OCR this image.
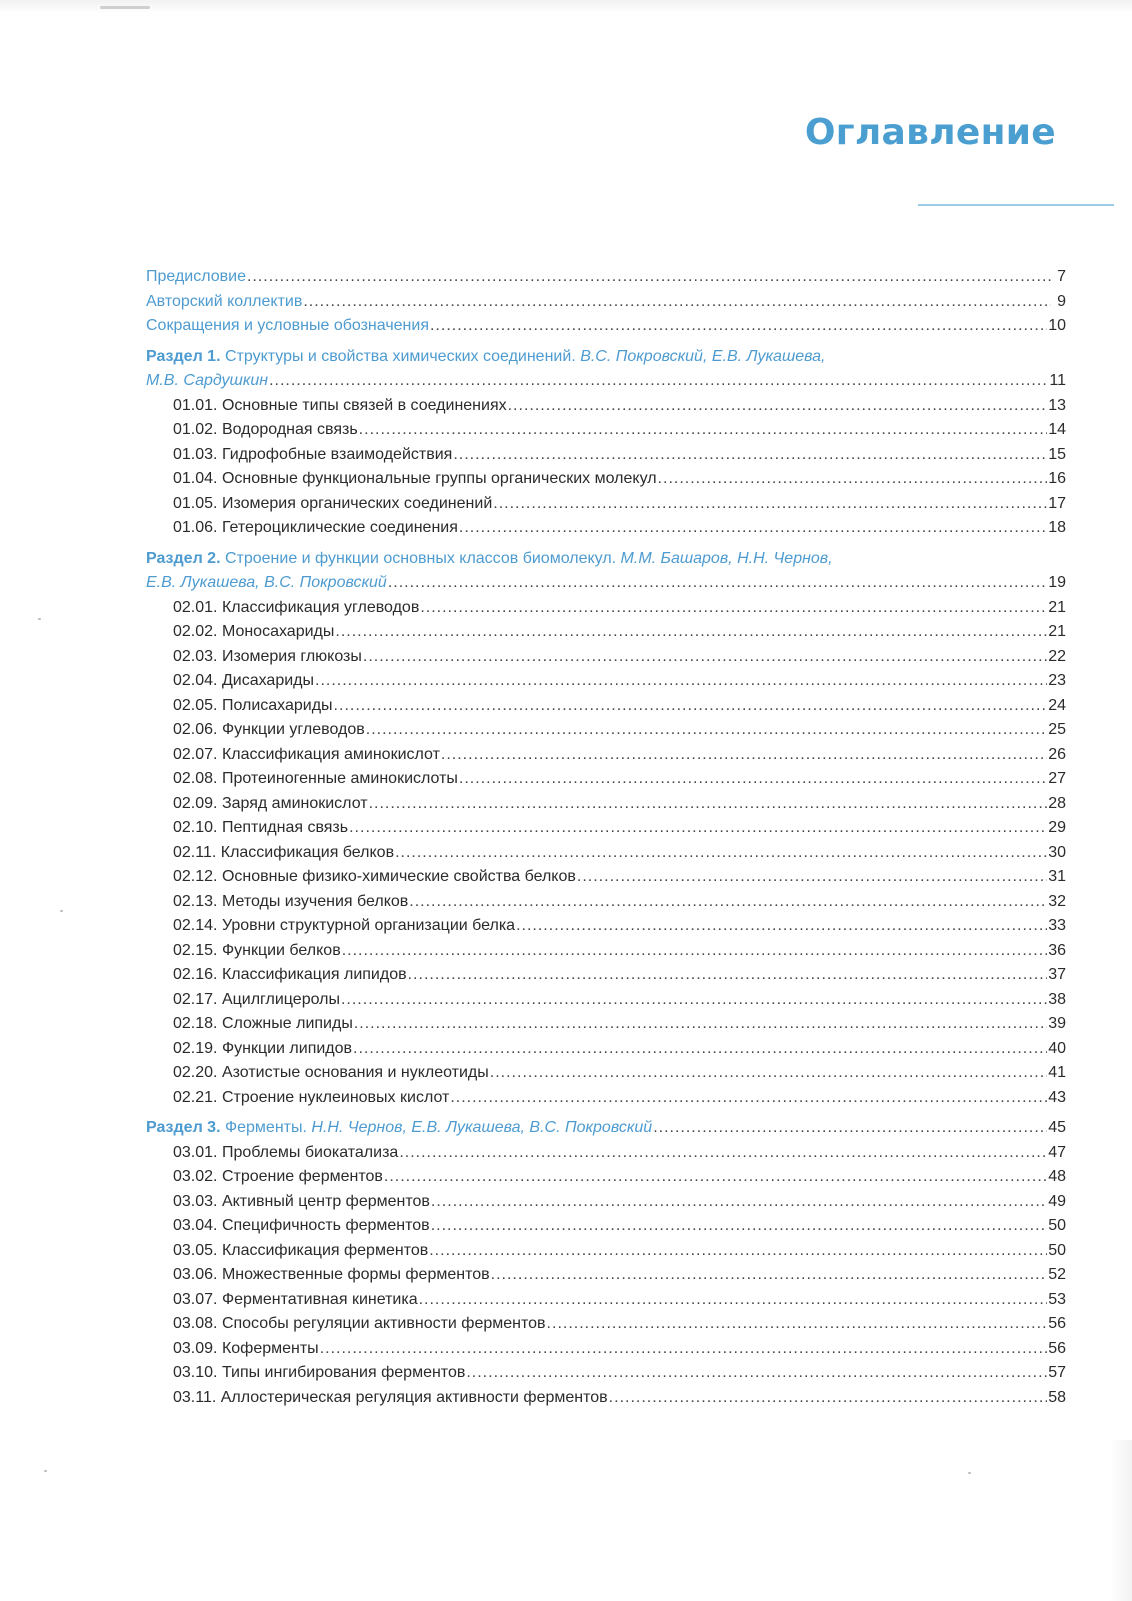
Оглавление
Предисловие .....	7
Авторский коллектив .....	9
Сокращения и условные обозначения .....	10
Раздел 1. Структуры и свойства химических соединений. В.С. Покровский, Е.В. Лукашева,
М.В. Сардушкин .....	11
01.01. Основные типы связей в соединениях .....	13
01.02. Водородная связь .....	14
01.03. Гидрофобные взаимодействия .....	15
01.04. Основные функциональные группы органических молекул .....	16
01.05. Изомерия органических соединений .....	17
01.06. Гетероциклические соединения .....	18
Раздел 2. Строение и функции основных классов биомолекул. М.М. Башаров, Н.Н. Чернов,
Е.В. Лукашева, В.С. Покровский .....	19
02.01. Классификация углеводов .....	21
02.02. Моносахариды .....	21
02.03. Изомерия глюкозы .....	22
02.04. Дисахариды .....	23
02.05. Полисахариды .....	24
02.06. Функции углеводов .....	25
02.07. Классификация аминокислот .....	26
02.08. Протеиногенные аминокислоты .....	27
02.09. Заряд аминокислот .....	28
02.10. Пептидная связь .....	29
02.11. Классификация белков .....	30
02.12. Основные физико-химические свойства белков .....	31
02.13. Методы изучения белков .....	32
02.14. Уровни структурной организации белка .....	33
02.15. Функции белков .....	36
02.16. Классификация липидов .....	37
02.17. Ацилглицеролы .....	38
02.18. Сложные липиды .....	39
02.19. Функции липидов .....	40
02.20. Азотистые основания и нуклеотиды .....	41
02.21. Строение нуклеиновых кислот .....	43
Раздел 3. Ферменты. Н.Н. Чернов, Е.В. Лукашева, В.С. Покровский .....	45
03.01. Проблемы биокатализа .....	47
03.02. Строение ферментов .....	48
03.03. Активный центр ферментов .....	49
03.04. Специфичность ферментов .....	50
03.05. Классификация ферментов .....	50
03.06. Множественные формы ферментов .....	52
03.07. Ферментативная кинетика .....	53
03.08. Способы регуляции активности ферментов .....	56
03.09. Коферменты .....	56
03.10. Типы ингибирования ферментов .....	57
03.11. Аллостерическая регуляция активности ферментов .....	58
